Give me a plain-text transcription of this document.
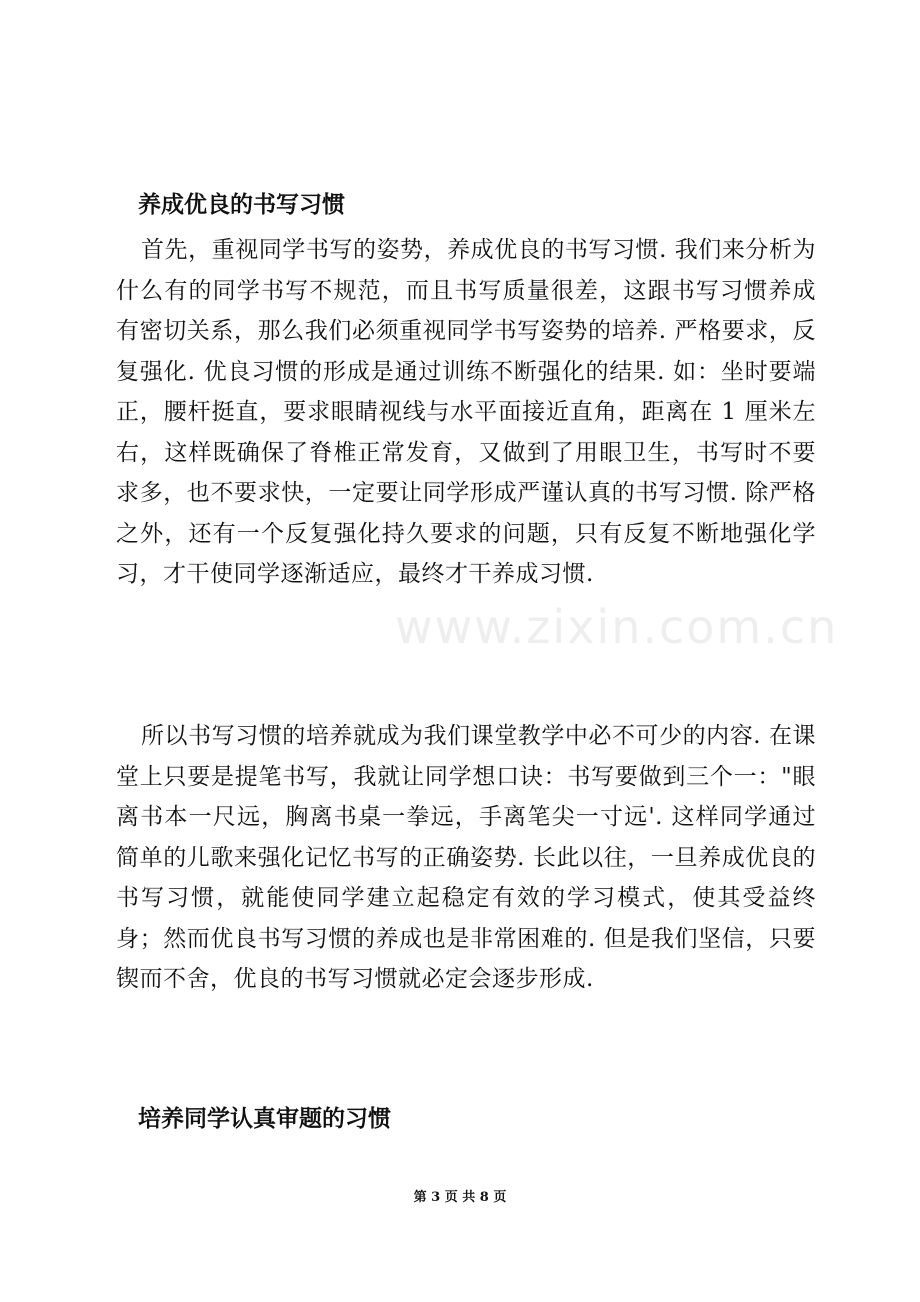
养成优良的书写习惯

首先，重视同学书写的姿势，养成优良的书写习惯. 我们来分析为什么有的同学书写不规范，而且书写质量很差，这跟书写习惯养成有密切关系，那么我们必须重视同学书写姿势的培养. 严格要求，反复强化. 优良习惯的形成是通过训练不断强化的结果. 如：坐时要端正，腰杆挺直，要求眼睛视线与水平面接近直角，距离在 1 厘米左右，这样既确保了脊椎正常发育，又做到了用眼卫生，书写时不要求多，也不要求快，一定要让同学形成严谨认真的书写习惯. 除严格之外，还有一个反复强化持久要求的问题，只有反复不断地强化学习，才干使同学逐渐适应，最终才干养成习惯.

www.zixin.com.cn

所以书写习惯的培养就成为我们课堂教学中必不可少的内容. 在课堂上只要是提笔书写，我就让同学想口诀：书写要做到三个一："眼离书本一尺远，胸离书桌一拳远，手离笔尖一寸远'. 这样同学通过简单的儿歌来强化记忆书写的正确姿势. 长此以往，一旦养成优良的书写习惯，就能使同学建立起稳定有效的学习模式，使其受益终身；然而优良书写习惯的养成也是非常困难的. 但是我们坚信，只要锲而不舍，优良的书写习惯就必定会逐步形成.

培养同学认真审题的习惯
第 3 页 共 8 页
